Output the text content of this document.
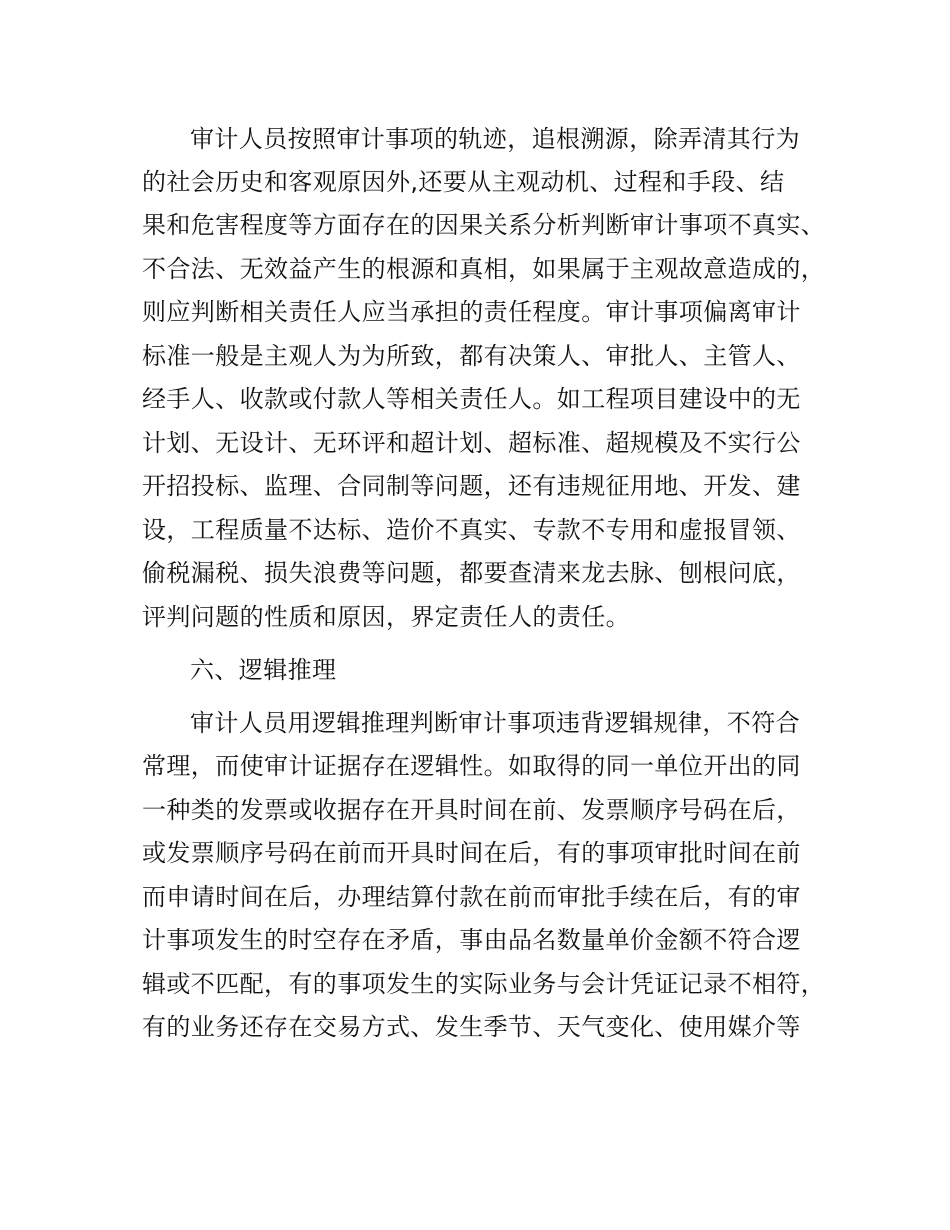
审计人员按照审计事项的轨迹，追根溯源，除弄清其行为
的社会历史和客观原因外,还要从主观动机、过程和手段、结
果和危害程度等方面存在的因果关系分析判断审计事项不真实、
不合法、无效益产生的根源和真相，如果属于主观故意造成的，
则应判断相关责任人应当承担的责任程度。审计事项偏离审计
标准一般是主观人为为所致，都有决策人、审批人、主管人、
经手人、收款或付款人等相关责任人。如工程项目建设中的无
计划、无设计、无环评和超计划、超标准、超规模及不实行公
开招投标、监理、合同制等问题，还有违规征用地、开发、建
设，工程质量不达标、造价不真实、专款不专用和虚报冒领、
偷税漏税、损失浪费等问题，都要查清来龙去脉、刨根问底，
评判问题的性质和原因，界定责任人的责任。
六、逻辑推理
审计人员用逻辑推理判断审计事项违背逻辑规律，不符合
常理，而使审计证据存在逻辑性。如取得的同一单位开出的同
一种类的发票或收据存在开具时间在前、发票顺序号码在后，
或发票顺序号码在前而开具时间在后，有的事项审批时间在前
而申请时间在后，办理结算付款在前而审批手续在后，有的审
计事项发生的时空存在矛盾，事由品名数量单价金额不符合逻
辑或不匹配，有的事项发生的实际业务与会计凭证记录不相符，
有的业务还存在交易方式、发生季节、天气变化、使用媒介等
